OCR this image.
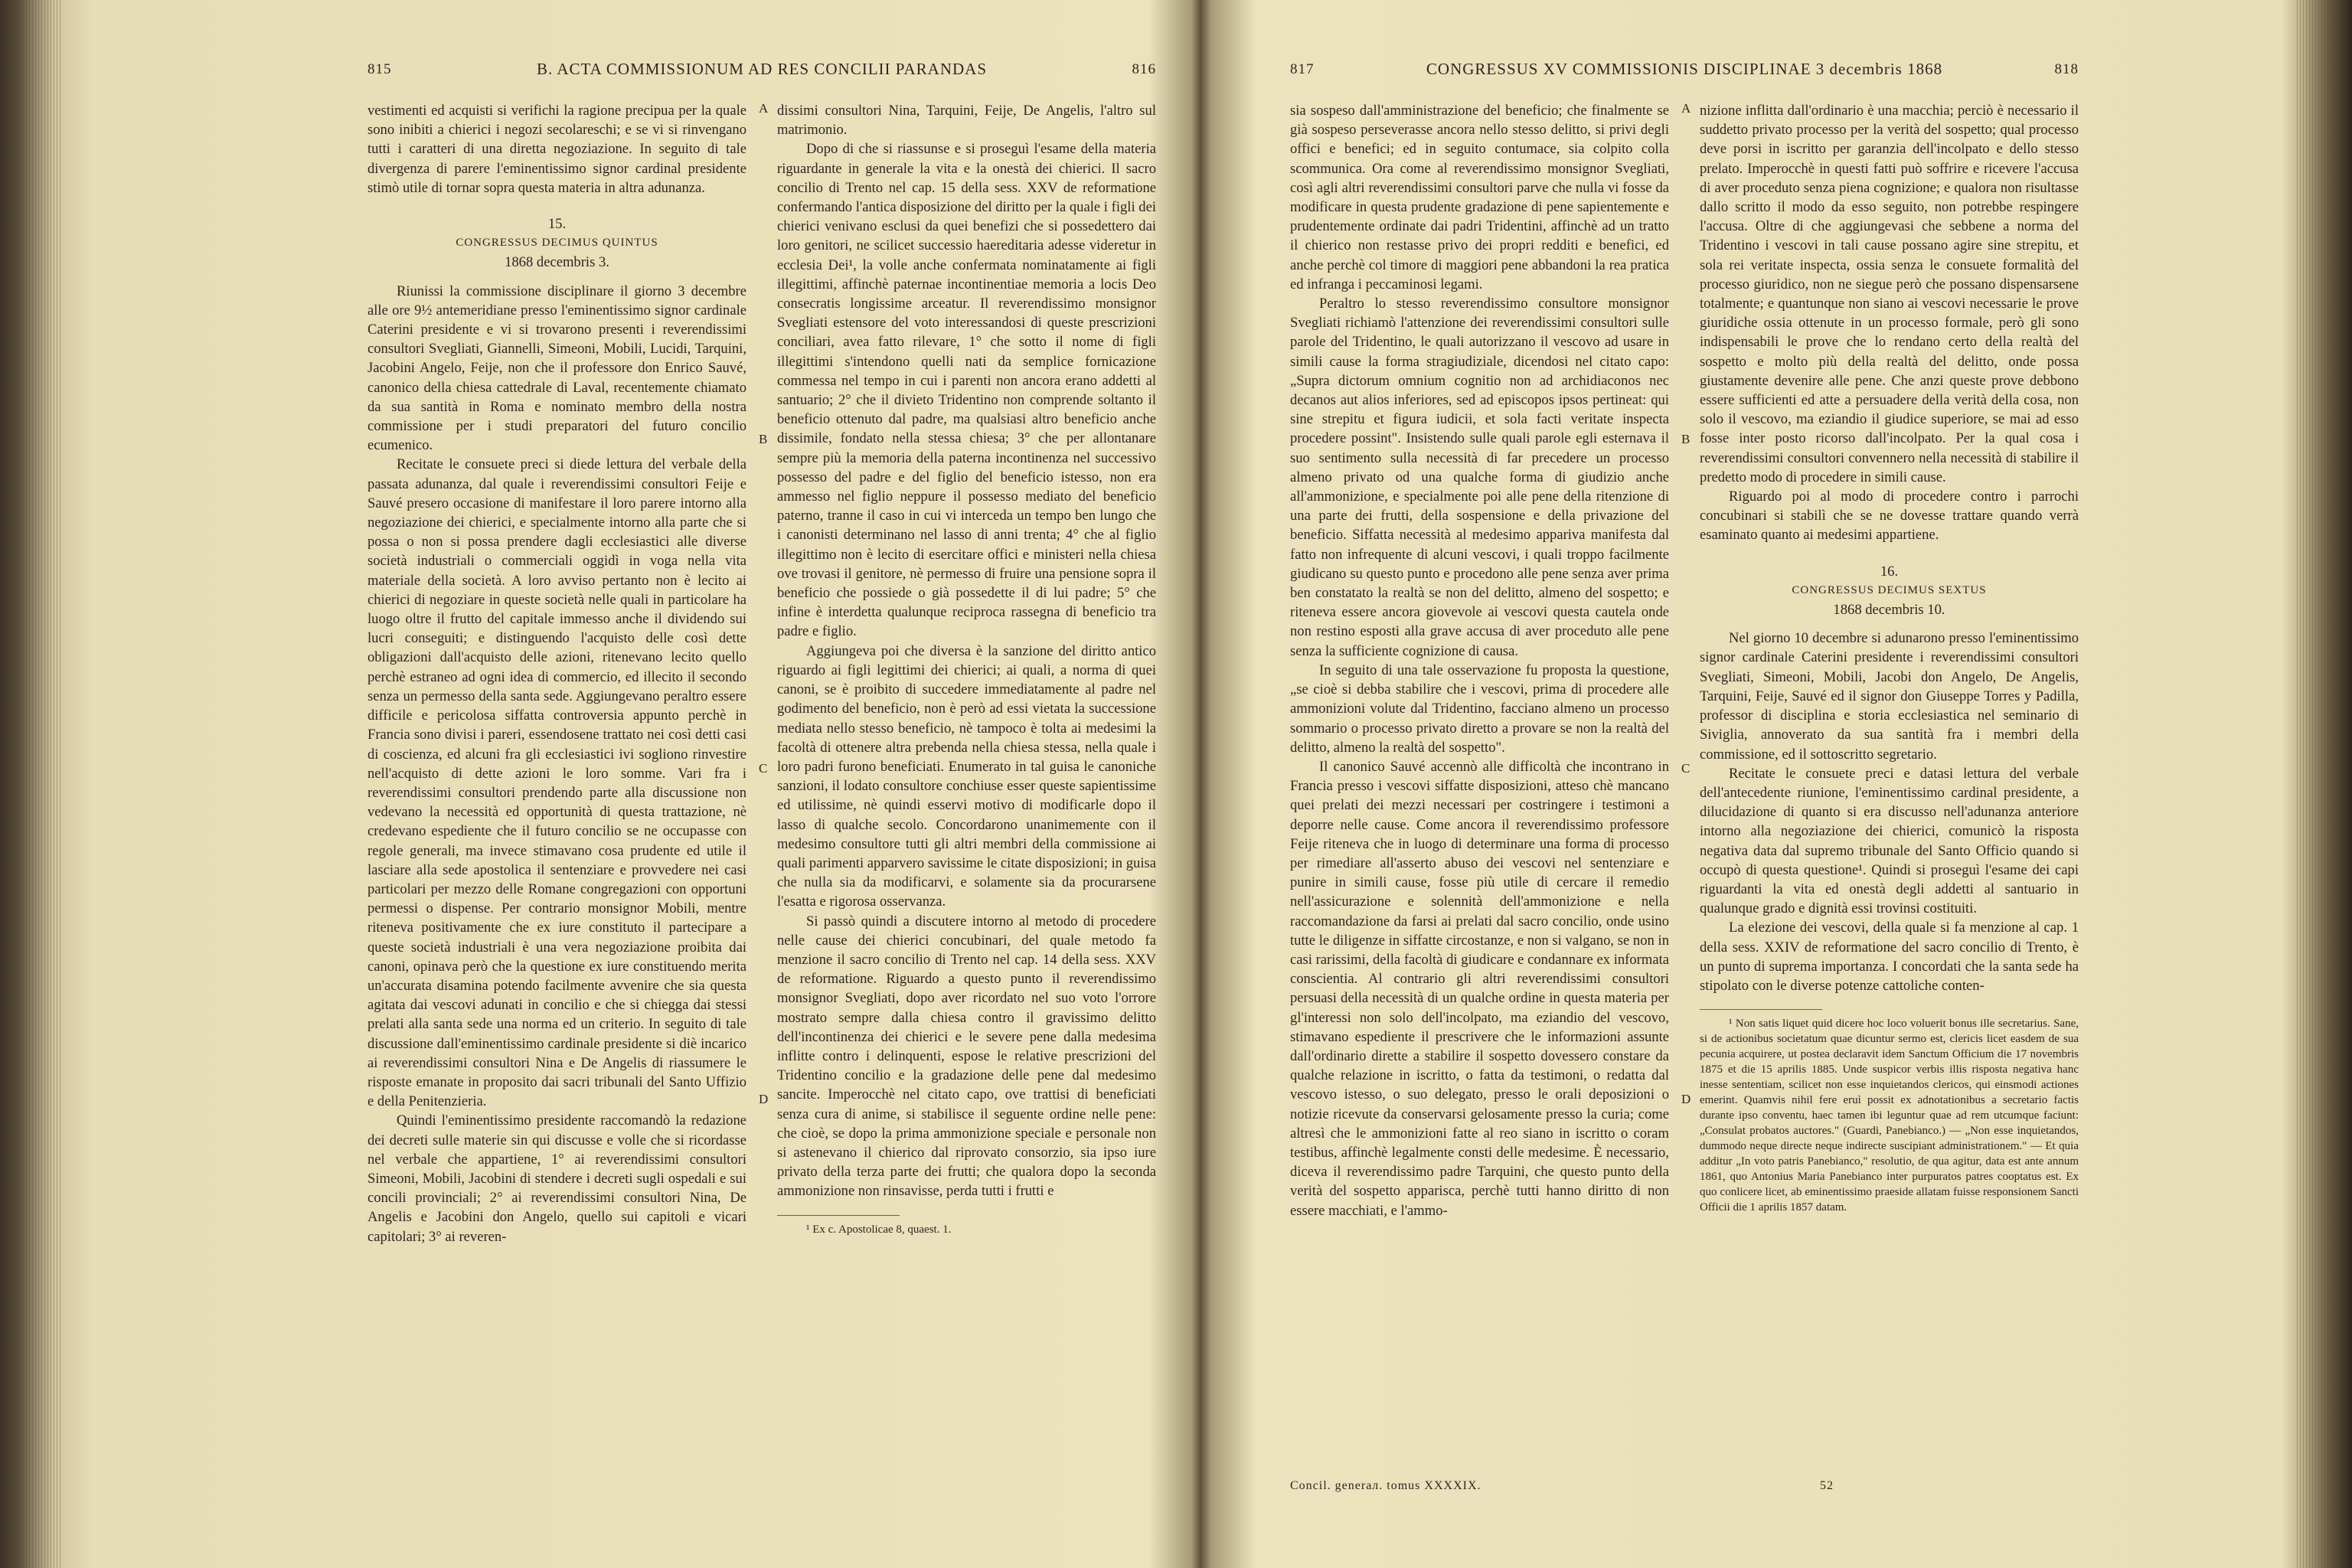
815	B. ACTA COMMISSIONUM AD RES CONCILII PARANDAS	816

vestimenti ed acquisti si verifichi la ragione precipua per la quale sono inibiti a chierici i negozi secolareschi; e se vi si rinvengano tutti i caratteri di una diretta negoziazione. In seguito di tale divergenza di parere l'eminentissimo signor cardinal presidente stimò utile di tornar sopra questa materia in altra adunanza.

15.

CONGRESSUS DECIMUS QUINTUS

1868 decembris 3.

Riunissi la commissione disciplinare il giorno 3 decembre alle ore 9½ antemeridiane presso l'eminentissimo signor cardinale Caterini presidente e vi si trovarono presenti i reverendissimi consultori Svegliati, Giannelli, Simeoni, Mobili, Lucidi, Tarquini, Jacobini Angelo, Feije, non che il professore don Enrico Sauvé, canonico della chiesa cattedrale di Laval, recentemente chiamato da sua santità in Roma e nominato membro della nostra commissione per i studi preparatori del futuro concilio ecumenico.

Recitate le consuete preci si diede lettura del verbale della passata adunanza, dal quale i reverendissimi consultori Feije e Sauvé presero occasione di manifestare il loro parere intorno alla negoziazione dei chierici, e specialmente intorno alla parte che si possa o non si possa prendere dagli ecclesiastici alle diverse società industriali o commerciali oggidì in voga nella vita materiale della società. A loro avviso pertanto non è lecito ai chierici di negoziare in queste società nelle quali in particolare ha luogo oltre il frutto del capitale immesso anche il dividendo sui lucri conseguiti; e distinguendo l'acquisto delle così dette obligazioni dall'acquisto delle azioni, ritenevano lecito quello perchè estraneo ad ogni idea di commercio, ed illecito il secondo senza un permesso della santa sede. Aggiungevano peraltro essere difficile e pericolosa siffatta controversia appunto perchè in Francia sono divisi i pareri, essendosene trattato nei così detti casi di coscienza, ed alcuni fra gli ecclesiastici ivi sogliono rinvestire nell'acquisto di dette azioni le loro somme. Vari fra i reverendissimi consultori prendendo parte alla discussione non vedevano la necessità ed opportunità di questa trattazione, nè credevano espediente che il futuro concilio se ne occupasse con regole generali, ma invece stimavano cosa prudente ed utile il lasciare alla sede apostolica il sentenziare e provvedere nei casi particolari per mezzo delle Romane congregazioni con opportuni permessi o dispense. Per contrario monsignor Mobili, mentre riteneva positivamente che ex iure constituto il partecipare a queste società industriali è una vera negoziazione proibita dai canoni, opinava però che la questione ex iure constituendo merita un'accurata disamina potendo facilmente avvenire che sia questa agitata dai vescovi adunati in concilio e che si chiegga dai stessi prelati alla santa sede una norma ed un criterio. In seguito di tale discussione dall'eminentissimo cardinale presidente si diè incarico ai reverendissimi consultori Nina e De Angelis di riassumere le risposte emanate in proposito dai sacri tribunali del Santo Uffizio e della Penitenzieria.

Quindi l'eminentissimo presidente raccomandò la redazione dei decreti sulle materie sin qui discusse e volle che si ricordasse nel verbale che appartiene, 1° ai reverendissimi consultori Simeoni, Mobili, Jacobini di stendere i decreti sugli ospedali e sui concili provinciali; 2° ai reverendissimi consultori Nina, De Angelis e Jacobini don Angelo, quello sui capitoli e vicari capitolari; 3° ai reveren-

A
B
C
D

dissimi consultori Nina, Tarquini, Feije, De Angelis, l'altro sul matrimonio.

Dopo di che si riassunse e si proseguì l'esame della materia riguardante in generale la vita e la onestà dei chierici. Il sacro concilio di Trento nel cap. 15 della sess. XXV de reformatione confermando l'antica disposizione del diritto per la quale i figli dei chierici venivano esclusi da quei benefizi che si possedettero dai loro genitori, ne scilicet successio haereditaria adesse videretur in ecclesia Dei¹, la volle anche confermata nominatamente ai figli illegittimi, affinchè paternae incontinentiae memoria a locis Deo consecratis longissime arceatur. Il reverendissimo monsignor Svegliati estensore del voto interessandosi di queste prescrizioni conciliari, avea fatto rilevare, 1° che sotto il nome di figli illegittimi s'intendono quelli nati da semplice fornicazione commessa nel tempo in cui i parenti non ancora erano addetti al santuario; 2° che il divieto Tridentino non comprende soltanto il beneficio ottenuto dal padre, ma qualsiasi altro beneficio anche dissimile, fondato nella stessa chiesa; 3° che per allontanare sempre più la memoria della paterna incontinenza nel successivo possesso del padre e del figlio del beneficio istesso, non era ammesso nel figlio neppure il possesso mediato del beneficio paterno, tranne il caso in cui vi interceda un tempo ben lungo che i canonisti determinano nel lasso di anni trenta; 4° che al figlio illegittimo non è lecito di esercitare offici e ministeri nella chiesa ove trovasi il genitore, nè permesso di fruire una pensione sopra il beneficio che possiede o già possedette il di lui padre; 5° che infine è interdetta qualunque reciproca rassegna di beneficio tra padre e figlio.

Aggiungeva poi che diversa è la sanzione del diritto antico riguardo ai figli legittimi dei chierici; ai quali, a norma di quei canoni, se è proibito di succedere immediatamente al padre nel godimento del beneficio, non è però ad essi vietata la successione mediata nello stesso beneficio, nè tampoco è tolta ai medesimi la facoltà di ottenere altra prebenda nella chiesa stessa, nella quale i loro padri furono beneficiati. Enumerato in tal guisa le canoniche sanzioni, il lodato consultore conchiuse esser queste sapientissime ed utilissime, nè quindi esservi motivo di modificarle dopo il lasso di qualche secolo. Concordarono unanimemente con il medesimo consultore tutti gli altri membri della commissione ai quali parimenti apparvero savissime le citate disposizioni; in guisa che nulla sia da modificarvi, e solamente sia da procurarsene l'esatta e rigorosa osservanza.

Si passò quindi a discutere intorno al metodo di procedere nelle cause dei chierici concubinari, del quale metodo fa menzione il sacro concilio di Trento nel cap. 14 della sess. XXV de reformatione. Riguardo a questo punto il reverendissimo monsignor Svegliati, dopo aver ricordato nel suo voto l'orrore mostrato sempre dalla chiesa contro il gravissimo delitto dell'incontinenza dei chierici e le severe pene dalla medesima inflitte contro i delinquenti, espose le relative prescrizioni del Tridentino concilio e la gradazione delle pene dal medesimo sancite. Imperocchè nel citato capo, ove trattisi di beneficiati senza cura di anime, si stabilisce il seguente ordine nelle pene: che cioè, se dopo la prima ammonizione speciale e personale non si astenevano il chierico dal riprovato consorzio, sia ipso iure privato della terza parte dei frutti; che qualora dopo la seconda ammonizione non rinsavisse, perda tutti i frutti e

¹ Ex c. Apostolicae 8, quaest. 1.

817	CONGRESSUS XV COMMISSIONIS DISCIPLINAE 3 decembris 1868	818

sia sospeso dall'amministrazione del beneficio; che finalmente se già sospeso perseverasse ancora nello stesso delitto, si privi degli offici e benefici; ed in seguito contumace, sia colpito colla scommunica. Ora come al reverendissimo monsignor Svegliati, così agli altri reverendissimi consultori parve che nulla vi fosse da modificare in questa prudente gradazione di pene sapientemente e prudentemente ordinate dai padri Tridentini, affinchè ad un tratto il chierico non restasse privo dei propri redditi e benefici, ed anche perchè col timore di maggiori pene abbandoni la rea pratica ed infranga i peccaminosi legami.

Peraltro lo stesso reverendissimo consultore monsignor Svegliati richiamò l'attenzione dei reverendissimi consultori sulle parole del Tridentino, le quali autorizzano il vescovo ad usare in simili cause la forma stragiudiziale, dicendosi nel citato capo: „Supra dictorum omnium cognitio non ad archidiaconos nec decanos aut alios inferiores, sed ad episcopos ipsos pertineat: qui sine strepitu et figura iudicii, et sola facti veritate inspecta procedere possint". Insistendo sulle quali parole egli esternava il suo sentimento sulla necessità di far precedere un processo almeno privato od una qualche forma di giudizio anche all'ammonizione, e specialmente poi alle pene della ritenzione di una parte dei frutti, della sospensione e della privazione del beneficio. Siffatta necessità al medesimo appariva manifesta dal fatto non infrequente di alcuni vescovi, i quali troppo facilmente giudicano su questo punto e procedono alle pene senza aver prima ben constatato la realtà se non del delitto, almeno del sospetto; e riteneva essere ancora giovevole ai vescovi questa cautela onde non restino esposti alla grave accusa di aver proceduto alle pene senza la sufficiente cognizione di causa.

In seguito di una tale osservazione fu proposta la questione, „se cioè si debba stabilire che i vescovi, prima di procedere alle ammonizioni volute dal Tridentino, facciano almeno un processo sommario o processo privato diretto a provare se non la realtà del delitto, almeno la realtà del sospetto".

Il canonico Sauvé accennò alle difficoltà che incontrano in Francia presso i vescovi siffatte disposizioni, atteso chè mancano quei prelati dei mezzi necessari per costringere i testimoni a deporre nelle cause. Come ancora il reverendissimo professore Feije riteneva che in luogo di determinare una forma di processo per rimediare all'asserto abuso dei vescovi nel sentenziare e punire in simili cause, fosse più utile di cercare il remedio nell'assicurazione e solennità dell'ammonizione e nella raccomandazione da farsi ai prelati dal sacro concilio, onde usino tutte le diligenze in siffatte circostanze, e non si valgano, se non in casi rarissimi, della facoltà di giudicare e condannare ex informata conscientia. Al contrario gli altri reverendissimi consultori persuasi della necessità di un qualche ordine in questa materia per gl'interessi non solo dell'incolpato, ma eziandio del vescovo, stimavano espediente il prescrivere che le informazioni assunte dall'ordinario dirette a stabilire il sospetto dovessero constare da qualche relazione in iscritto, o fatta da testimoni, o redatta dal vescovo istesso, o suo delegato, presso le orali deposizioni o notizie ricevute da conservarsi gelosamente presso la curia; come altresì che le ammonizioni fatte al reo siano in iscritto o coram testibus, affinchè legalmente consti delle medesime. È necessario, diceva il reverendissimo padre Tarquini, che questo punto della verità del sospetto apparisca, perchè tutti hanno diritto di non essere macchiati, e l'ammo-

A
B
C
D

nizione inflitta dall'ordinario è una macchia; perciò è necessario il suddetto privato processo per la verità del sospetto; qual processo deve porsi in iscritto per garanzia dell'incolpato e dello stesso prelato. Imperocchè in questi fatti può soffrire e ricevere l'accusa di aver proceduto senza piena cognizione; e qualora non risultasse dallo scritto il modo da esso seguito, non potrebbe respingere l'accusa. Oltre di che aggiungevasi che sebbene a norma del Tridentino i vescovi in tali cause possano agire sine strepitu, et sola rei veritate inspecta, ossia senza le consuete formalità del processo giuridico, non ne siegue però che possano dispensarsene totalmente; e quantunque non siano ai vescovi necessarie le prove giuridiche ossia ottenute in un processo formale, però gli sono indispensabili le prove che lo rendano certo della realtà del sospetto e molto più della realtà del delitto, onde possa giustamente devenire alle pene. Che anzi queste prove debbono essere sufficienti ed atte a persuadere della verità della cosa, non solo il vescovo, ma eziandio il giudice superiore, se mai ad esso fosse inter posto ricorso dall'incolpato. Per la qual cosa i reverendissimi consultori convennero nella necessità di stabilire il predetto modo di procedere in simili cause.

Riguardo poi al modo di procedere contro i parrochi concubinari si stabilì che se ne dovesse trattare quando verrà esaminato quanto ai medesimi appartiene.

16.

CONGRESSUS DECIMUS SEXTUS

1868 decembris 10.

Nel giorno 10 decembre si adunarono presso l'eminentissimo signor cardinale Caterini presidente i reverendissimi consultori Svegliati, Simeoni, Mobili, Jacobi don Angelo, De Angelis, Tarquini, Feije, Sauvé ed il signor don Giuseppe Torres y Padilla, professor di disciplina e storia ecclesiastica nel seminario di Siviglia, annoverato da sua santità fra i membri della commissione, ed il sottoscritto segretario.

Recitate le consuete preci e datasi lettura del verbale dell'antecedente riunione, l'eminentissimo cardinal presidente, a dilucidazione di quanto si era discusso nell'adunanza anteriore intorno alla negoziazione dei chierici, comunicò la risposta negativa data dal supremo tribunale del Santo Officio quando si occupò di questa questione¹. Quindi si proseguì l'esame dei capi riguardanti la vita ed onestà degli addetti al santuario in qualunque grado e dignità essi trovinsi costituiti.

La elezione dei vescovi, della quale si fa menzione al cap. 1 della sess. XXIV de reformatione del sacro concilio di Trento, è un punto di suprema importanza. I concordati che la santa sede ha stipolato con le diverse potenze cattoliche conten-

¹ Non satis liquet quid dicere hoc loco voluerit bonus ille secretarius. Sane, si de actionibus societatum quae dicuntur sermo est, clericis licet easdem de sua pecunia acquirere, ut postea declaravit idem Sanctum Officium die 17 novembris 1875 et die 15 aprilis 1885. Unde suspicor verbis illis risposta negativa hanc inesse sententiam, scilicet non esse inquietandos clericos, qui einsmodi actiones emerint. Quamvis nihil fere eruì possit ex adnotationibus a secretario factis durante ipso conventu, haec tamen ibi leguntur quae ad rem utcumque faciunt: „Consulat probatos auctores." (Guardi, Panebianco.) — „Non esse inquietandos, dummodo neque directe neque indirecte suscipiant administrationem." — Et quia additur „In voto patris Panebianco," resolutio, de qua agitur, data est ante annum 1861, quo Antonius Maria Panebianco inter purpuratos patres cooptatus est. Ex quo conlicere licet, ab eminentissimo praeside allatam fuisse responsionem Sancti Officii die 1 aprilis 1857 datam.

Concil. generaл. tomus XXXXIX.	52
